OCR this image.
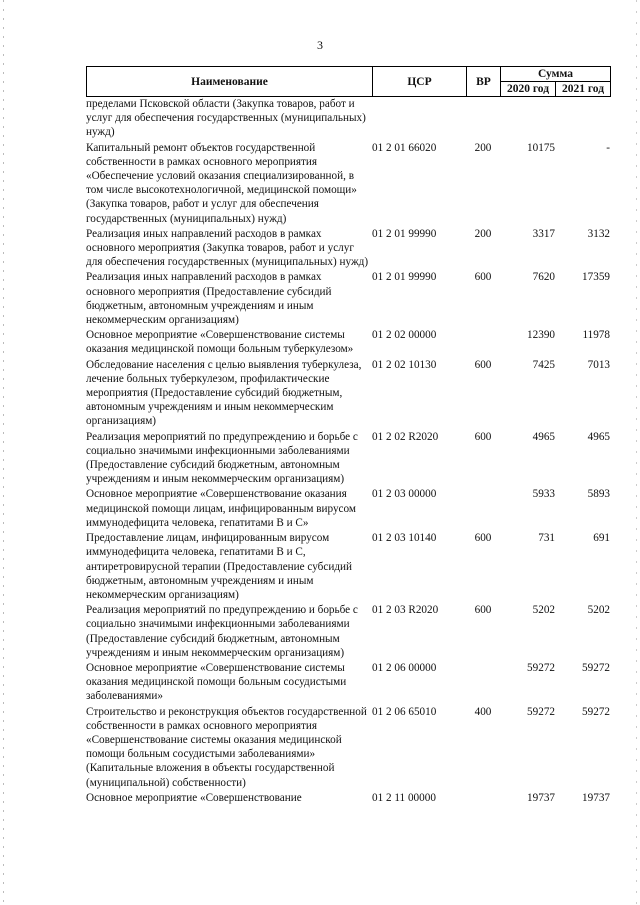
3
Наименование	ЦСР	ВР	Сумма	
			2020 год	2021 год
пределами Псковской области (Закупка товаров, работ и услуг для обеспечения государственных (муниципальных) нужд)				
Капитальный ремонт объектов государственной собственности в рамках основного мероприятия «Обеспечение условий оказания специализированной, в том числе высокотехнологичной, медицинской помощи» (Закупка товаров, работ и услуг для обеспечения государственных (муниципальных) нужд)	01 2 01 66020	200	10175	-
Реализация иных направлений расходов в рамках основного мероприятия (Закупка товаров, работ и услуг для обеспечения государственных (муниципальных) нужд)	01 2 01 99990	200	3317	3132
Реализация иных направлений расходов в рамках основного мероприятия (Предоставление субсидий бюджетным, автономным учреждениям и иным некоммерческим организациям)	01 2 01 99990	600	7620	17359
Основное мероприятие «Совершенствование системы оказания медицинской помощи больным туберкулезом»	01 2 02 00000		12390	11978
Обследование населения с целью выявления туберкулеза, лечение больных туберкулезом, профилактические мероприятия (Предоставление субсидий бюджетным, автономным учреждениям и иным некоммерческим организациям)	01 2 02 10130	600	7425	7013
Реализация мероприятий по предупреждению и борьбе с социально значимыми инфекционными заболеваниями (Предоставление субсидий бюджетным, автономным учреждениям и иным некоммерческим организациям)	01 2 02 R2020	600	4965	4965
Основное мероприятие «Совершенствование оказания медицинской помощи лицам, инфицированным вирусом иммунодефицита человека, гепатитами В и С»	01 2 03 00000		5933	5893
Предоставление лицам, инфицированным вирусом иммунодефицита человека, гепатитами В и С, антиретровирусной терапии (Предоставление субсидий бюджетным, автономным учреждениям и иным некоммерческим организациям)	01 2 03 10140	600	731	691
Реализация мероприятий по предупреждению и борьбе с социально значимыми инфекционными заболеваниями (Предоставление субсидий бюджетным, автономным учреждениям и иным некоммерческим организациям)	01 2 03 R2020	600	5202	5202
Основное мероприятие «Совершенствование системы оказания медицинской помощи больным сосудистыми заболеваниями»	01 2 06 00000		59272	59272
Строительство и реконструкция объектов государственной собственности в рамках основного мероприятия «Совершенствование системы оказания медицинской помощи больным сосудистыми заболеваниями» (Капитальные вложения в объекты государственной (муниципальной) собственности)	01 2 06 65010	400	59272	59272
Основное мероприятие «Совершенствование	01 2 11 00000		19737	19737
